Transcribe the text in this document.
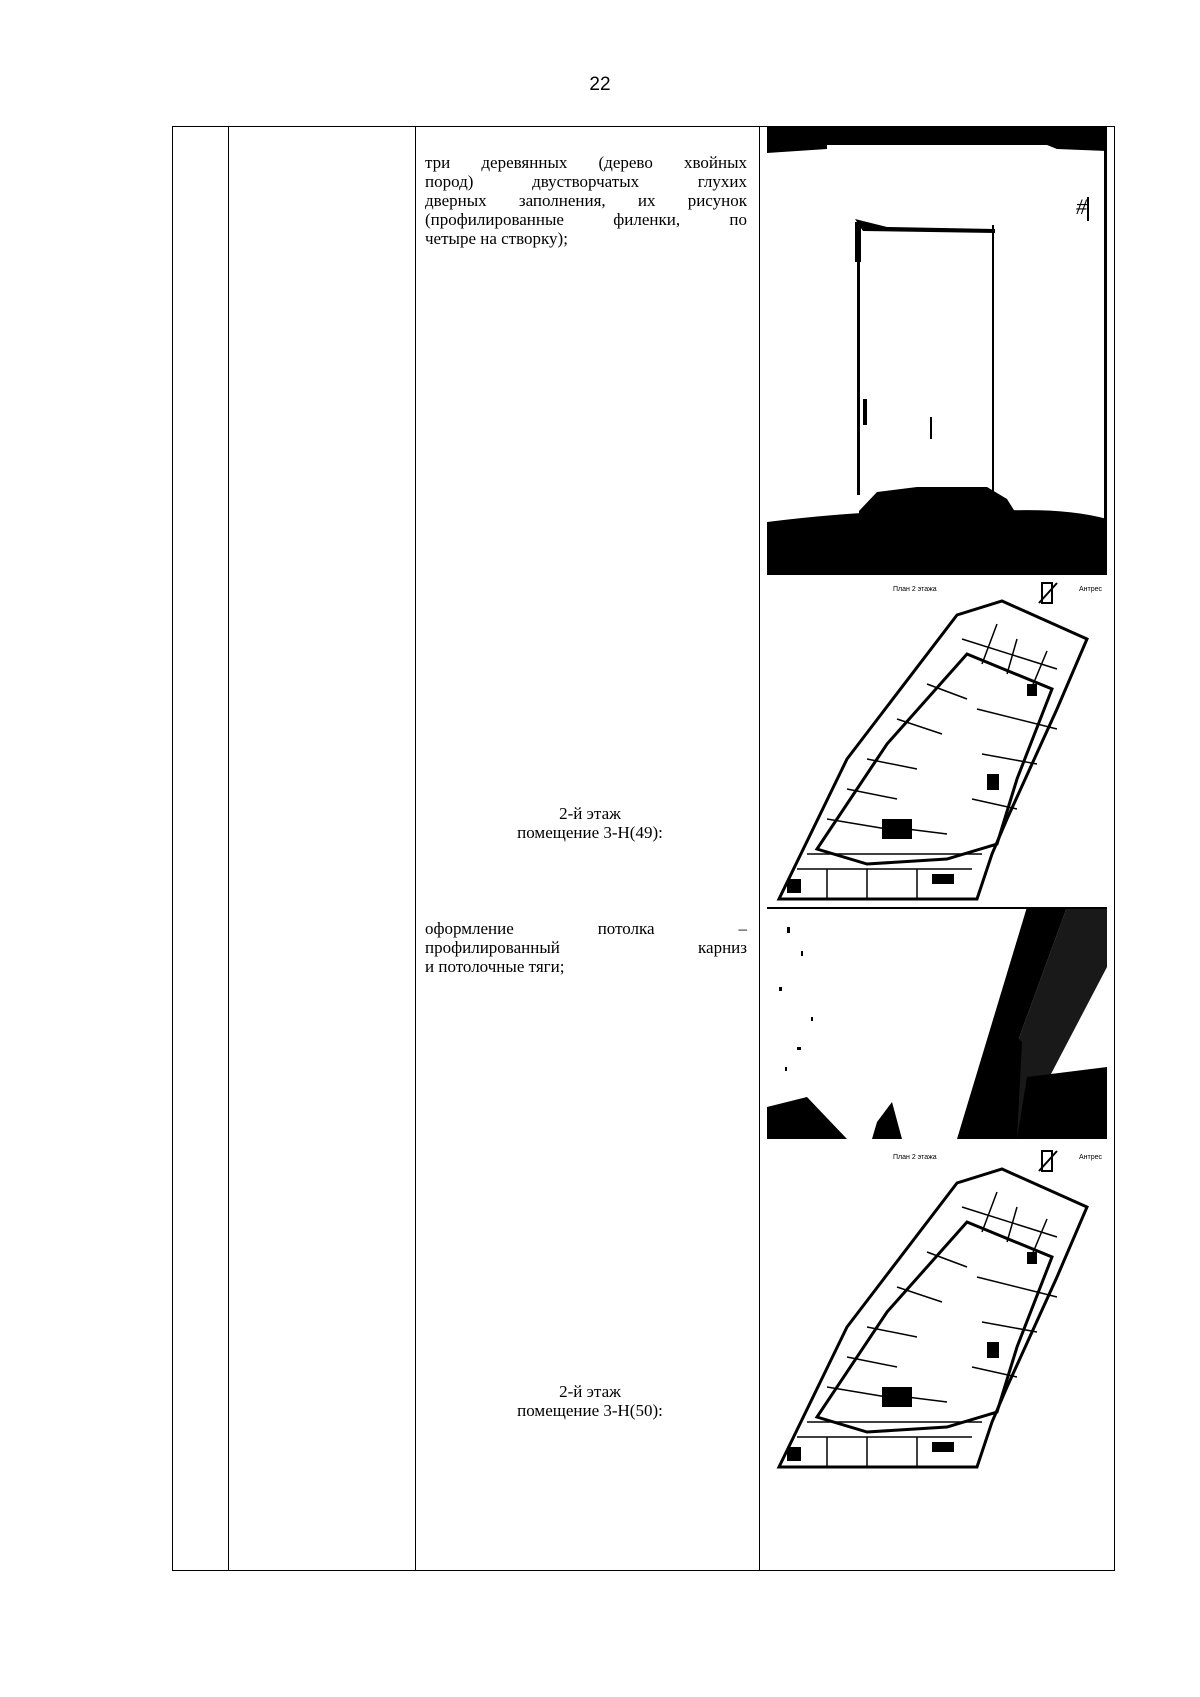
22
три деревянных (дерево хвойных
пород) двустворчатых глухих
дверных заполнения, их рисунок
(профилированные филенки, по
четыре на створку);
2-й этаж
помещение 3-Н(49):
оформление потолка –
профилированный карниз
и потолочные тяги;
2-й этаж
помещение 3-Н(50):
#
План 2 этажа	Антрес
План 2 этажа	Антрес
